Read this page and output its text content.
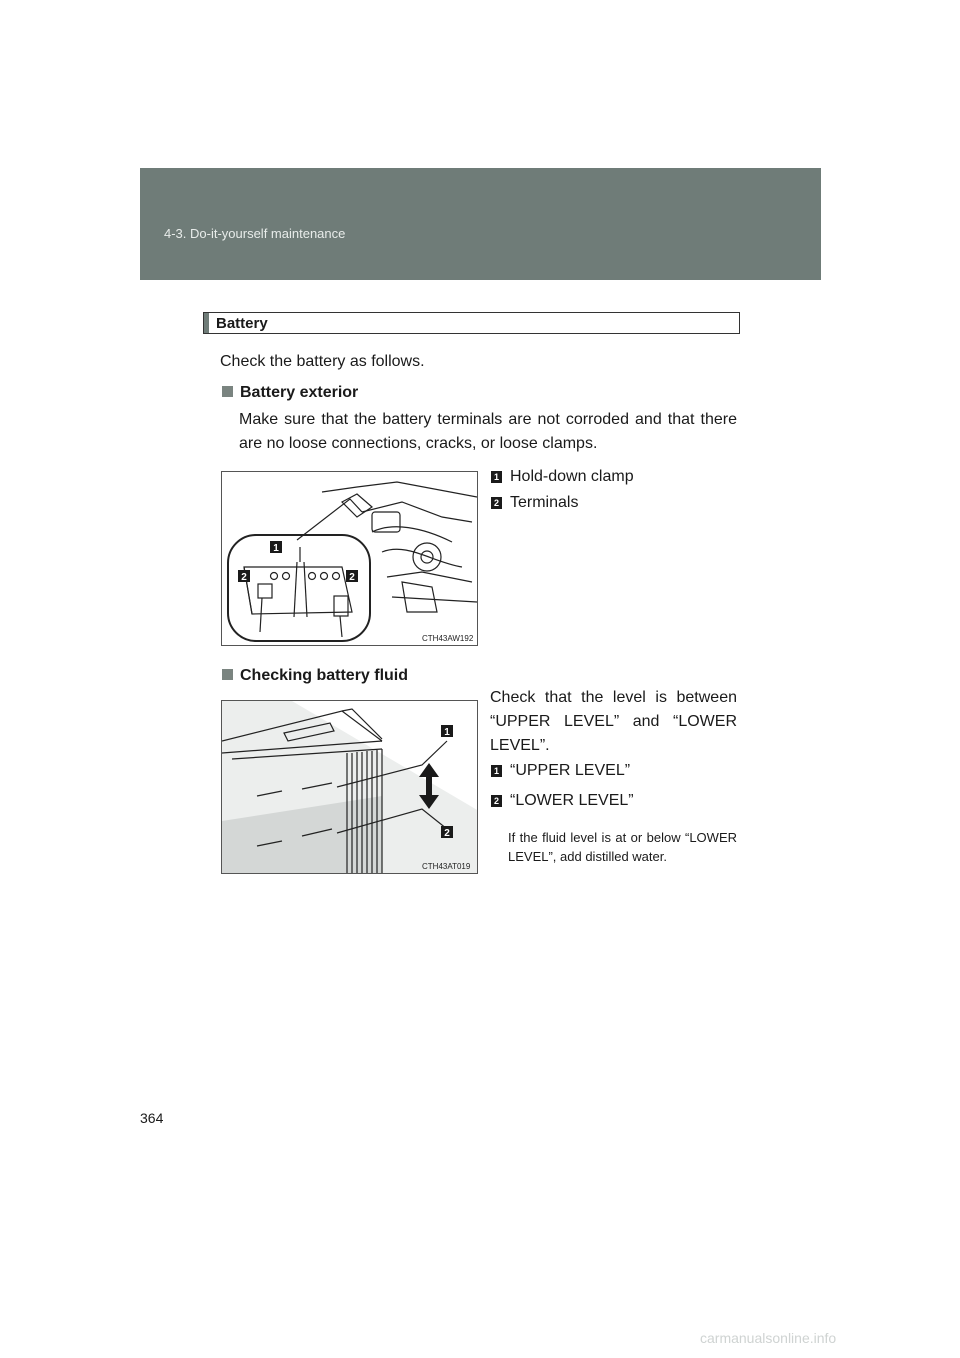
4-3. Do-it-yourself maintenance
Battery
Check the battery as follows.
Battery exterior
Make sure that the battery terminals are not corroded and that there are no loose connections, cracks, or loose clamps.
1
2	2
CTH43AW192
1 Hold-down clamp
2 Terminals
Checking battery fluid
1
2
CTH43AT019
Check that the level is between “UPPER LEVEL” and “LOWER LEVEL”.
1 “UPPER LEVEL”
2 “LOWER LEVEL”
If the fluid level is at or below “LOWER LEVEL”, add distilled water.
364
carmanualsonline.info
